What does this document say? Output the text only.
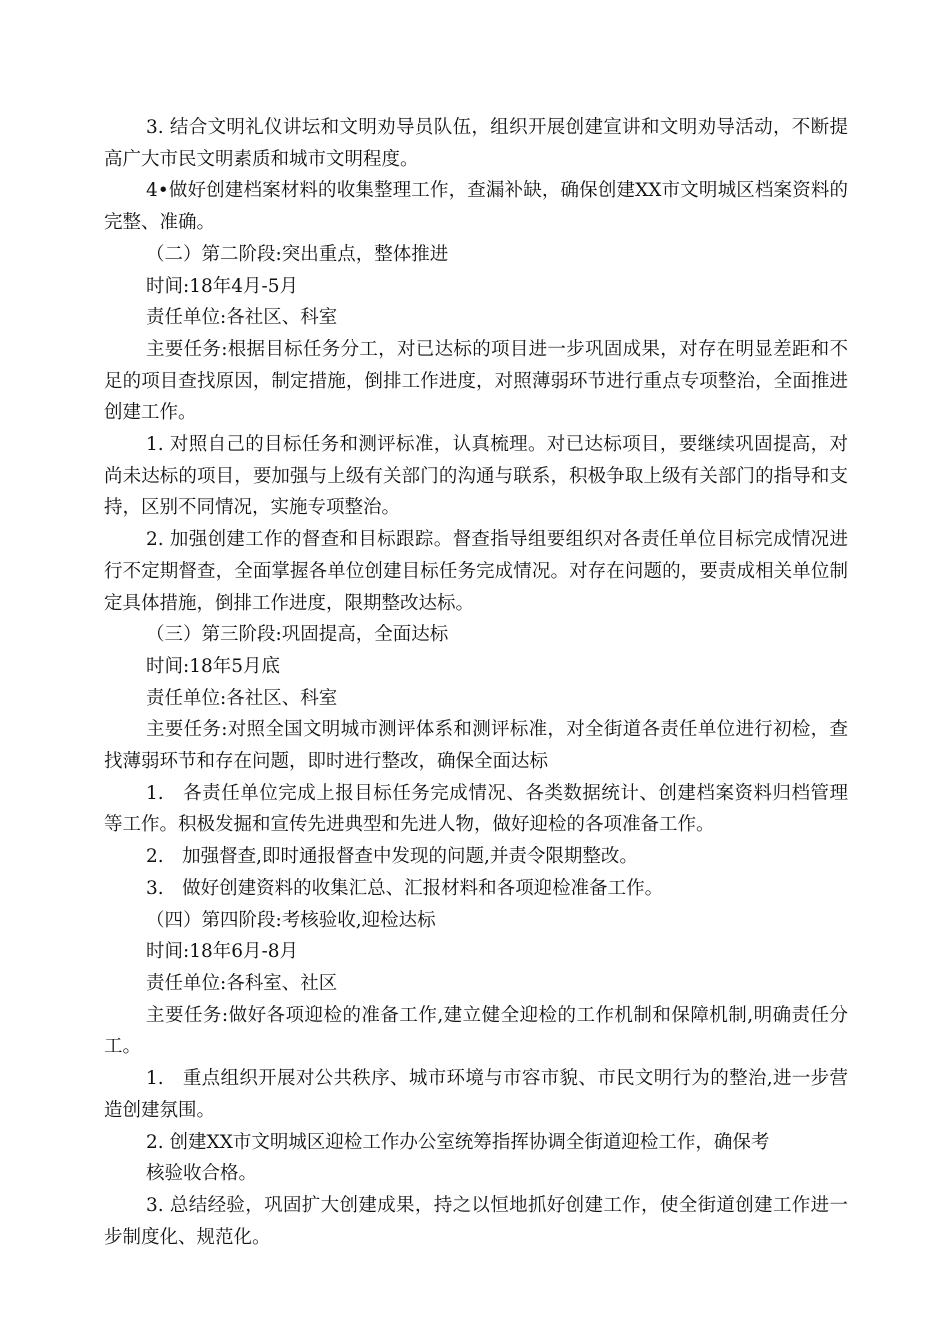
3. 结合文明礼仪讲坛和文明劝导员队伍，组织开展创建宣讲和文明劝导活动，不断提高广大市民文明素质和城市文明程度。

4•做好创建档案材料的收集整理工作，查漏补缺，确保创建XX市文明城区档案资料的完整、准确。

（二）第二阶段:突出重点，整体推进

时间:18年4月-5月

责任单位:各社区、科室

主要任务:根据目标任务分工，对已达标的项目进一步巩固成果，对存在明显差距和不足的项目查找原因，制定措施，倒排工作进度，对照薄弱环节进行重点专项整治，全面推进创建工作。

1. 对照自己的目标任务和测评标准，认真梳理。对已达标项目，要继续巩固提高，对尚未达标的项目，要加强与上级有关部门的沟通与联系，积极争取上级有关部门的指导和支持，区别不同情况，实施专项整治。

2. 加强创建工作的督查和目标跟踪。督查指导组要组织对各责任单位目标完成情况进行不定期督查，全面掌握各单位创建目标任务完成情况。对存在问题的，要责成相关单位制定具体措施，倒排工作进度，限期整改达标。

（三）第三阶段:巩固提高，全面达标

时间:18年5月底

责任单位:各社区、科室

主要任务:对照全国文明城市测评体系和测评标准，对全街道各责任单位进行初检，查找薄弱环节和存在问题，即时进行整改，确保全面达标

1.　各责任单位完成上报目标任务完成情况、各类数据统计、创建档案资料归档管理等工作。积极发掘和宣传先进典型和先进人物，做好迎检的各项准备工作。

2.　加强督查,即时通报督查中发现的问题,并责令限期整改。

3.　做好创建资料的收集汇总、汇报材料和各项迎检准备工作。

（四）第四阶段:考核验收,迎检达标

时间:18年6月-8月

责任单位:各科室、社区

主要任务:做好各项迎检的准备工作,建立健全迎检的工作机制和保障机制,明确责任分工。

1.　重点组织开展对公共秩序、城市环境与市容市貌、市民文明行为的整治,进一步营造创建氛围。

2. 创建XX市文明城区迎检工作办公室统筹指挥协调全街道迎检工作，确保考

核验收合格。

3. 总结经验，巩固扩大创建成果，持之以恒地抓好创建工作，使全街道创建工作进一步制度化、规范化。
